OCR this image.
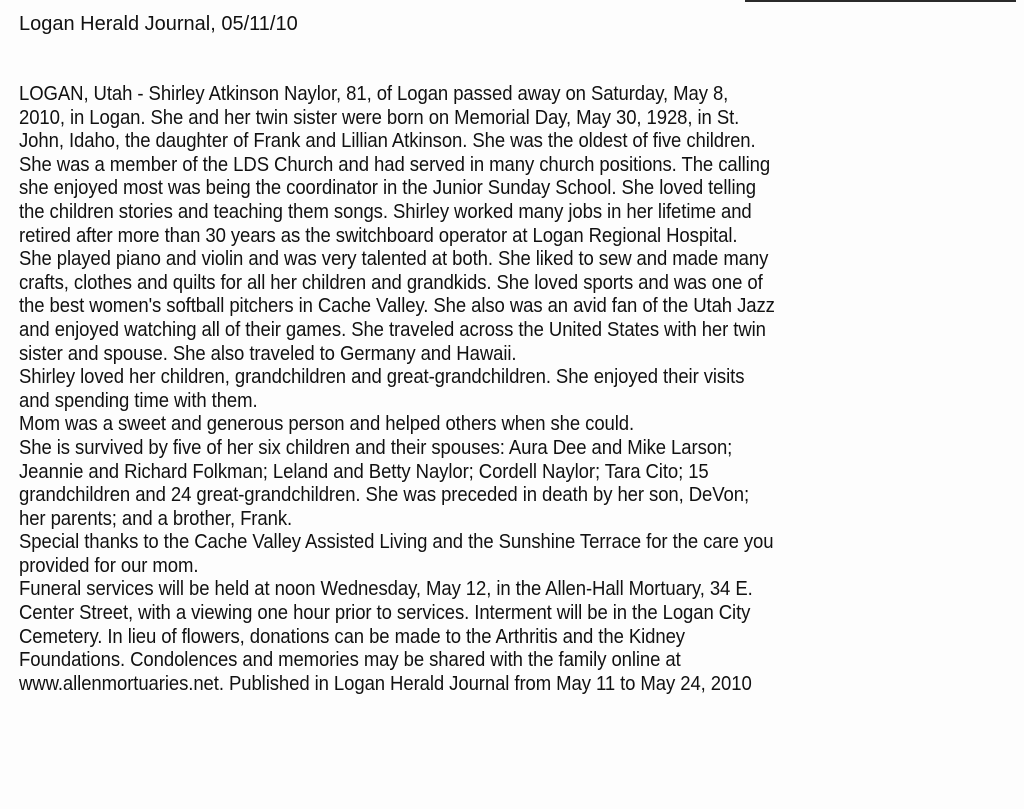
Logan Herald Journal, 05/11/10
LOGAN, Utah - Shirley Atkinson Naylor, 81, of Logan passed away on Saturday, May 8,
2010, in Logan. She and her twin sister were born on Memorial Day, May 30, 1928, in St.
John, Idaho, the daughter of Frank and Lillian Atkinson. She was the oldest of five children.
She was a member of the LDS Church and had served in many church positions. The calling
she enjoyed most was being the coordinator in the Junior Sunday School. She loved telling
the children stories and teaching them songs. Shirley worked many jobs in her lifetime and
retired after more than 30 years as the switchboard operator at Logan Regional Hospital.
She played piano and violin and was very talented at both. She liked to sew and made many
crafts, clothes and quilts for all her children and grandkids. She loved sports and was one of
the best women's softball pitchers in Cache Valley. She also was an avid fan of the Utah Jazz
and enjoyed watching all of their games. She traveled across the United States with her twin
sister and spouse. She also traveled to Germany and Hawaii.
Shirley loved her children, grandchildren and great-grandchildren. She enjoyed their visits
and spending time with them.
Mom was a sweet and generous person and helped others when she could.
She is survived by five of her six children and their spouses: Aura Dee and Mike Larson;
Jeannie and Richard Folkman; Leland and Betty Naylor; Cordell Naylor; Tara Cito; 15
grandchildren and 24 great-grandchildren. She was preceded in death by her son, DeVon;
her parents; and a brother, Frank.
Special thanks to the Cache Valley Assisted Living and the Sunshine Terrace for the care you
provided for our mom.
Funeral services will be held at noon Wednesday, May 12, in the Allen-Hall Mortuary, 34 E.
Center Street, with a viewing one hour prior to services. Interment will be in the Logan City
Cemetery. In lieu of flowers, donations can be made to the Arthritis and the Kidney
Foundations. Condolences and memories may be shared with the family online at
www.allenmortuaries.net. Published in Logan Herald Journal from May 11 to May 24, 2010
